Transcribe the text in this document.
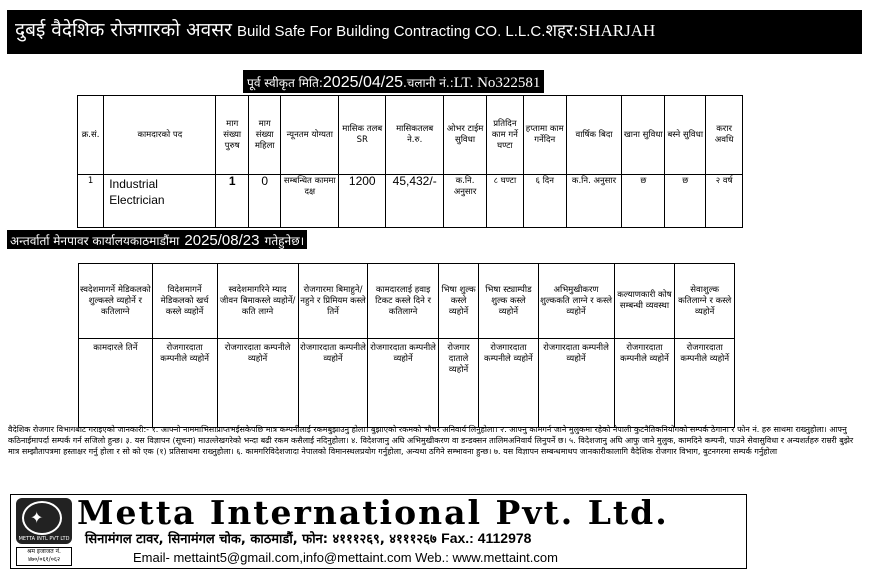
दुबई वैदेशिक रोजगारको अवसर Build Safe For Building Contracting CO. L.L.C.शहर:SHARJAH
पूर्व स्वीकृत मिति:2025/04/25.चलानी नं.:LT. No322581
क्र.सं.	कामदारको पद	माग संख्या पुरुष	माग संख्या महिला	न्यूनतम योग्यता	मासिक तलब SR	मासिकतलब ने.रु.	ओभर टाईम सुविधा	प्रतिदिन काम गर्ने घण्टा	हप्तामा काम गर्नेदिन	वार्षिक बिदा	खाना सुविधा	बस्ने सुविधा	करार अवधि
1	Industrial Electrician	1	0	सम्बन्धित काममा दक्ष	1200	45,432/-	क.नि. अनुसार	८ घण्टा	६ दिन	क.नि. अनुसार	छ	छ	२ वर्ष
अन्तर्वार्ता मेनपावर कार्यालयकाठमाडौंमा 2025/08/23 गतेहुनेछ।
स्वदेशमागर्ने मेडिकलको शुल्कस्ले व्यहोर्ने र कतिलाग्ने	विदेशमागर्ने मेडिकलको खर्च कस्ले व्यहोर्ने	स्वदेशमागरिने म्याद जीवन बिमाकस्ले व्यहोर्ने/ कति लाग्ने	रोजगारमा बिमाहुने/ नहुने र प्रिमियम कस्ले तिर्ने	कामदारलाई हवाइ टिकट कस्ले दिने र कतिलाग्ने	भिषा शुल्क कस्ले व्यहोर्ने	भिषा स्ट्याम्पीड शुल्क कस्ले व्यहोर्ने	अभिमुखीकरण शुल्ककति लाग्ने र कस्ले व्यहोर्ने	कल्याणकारी कोष सम्बन्धी व्यवस्था	सेवाशुल्क कतिलाग्ने र कस्ले व्यहोर्ने
कामदारले तिर्ने	रोजगारदाता कम्पनीले व्यहोर्ने	रोजगारदाता कम्पनीले व्यहोर्ने	रोजगारदाता कम्पनीले व्यहोर्ने	रोजगारदाता कम्पनीले व्यहोर्ने	रोजगार दाताले व्यहोर्ने	रोजगारदाता कम्पनीले व्यहोर्ने	रोजगारदाता कम्पनीले व्यहोर्ने	रोजगारदाता कम्पनीले व्यहोर्ने	रोजगारदाता कम्पनीले व्यहोर्ने
वैदेशिक रोजगार विभागबाट गराइएको जानकारी:- १. आफ्नो नाममाभिसाप्राप्तभईसकेपछि मात्र कम्पनीलाई रकमबुझाउनु होला। बुझाएको रकमको भौचर अनिवार्य लिनुहोला। २. आफ्नु कामगर्न जाने मुलुकमा रहेको नेपाली कुटनैतिकनियोगको सम्पर्क ठेगाना र फोन नं. हरु साथमा राख्नुहोला। आफ्नु कठिनाईमापर्दा सम्पर्क गर्न सजिलो हुन्छ। ३. यस विज्ञापन (सूचना) माउल्लेखगरेको भन्दा बढी रकम कसैलाई नदिनुहोला। ४. विदेशजानु अघि अभिमुखीकरण वा डन्डक्सन तालिमअनिवार्य लिनुपर्ने छ। ५. विदेशजानु अघि आफु जाने मुलुक, कामदिने कम्पनी, पाउने सेवासुविधा र अन्यशर्तहरु राम्ररी बुझेर मात्र सम्झौतापत्रमा हस्ताक्षर गर्नु होला र सो को एक (१) प्रतिसाथमा राख्नुहोला। ६. कामगरिविदेशजादा नेपालको विमानस्थलप्रयोग गर्नुहोला, अन्यथा ठगिने सम्भावना हुन्छ। ७. यस विज्ञापन सम्बन्धमाथप जानकारीकालागि वैदेशिक रोजगार विभाग, बुटनगरमा सम्पर्क गर्नुहोला
✦
METTA INTL PVT LTD
श्रम इजाजत नं.
४७०/०६१/०६२
Metta International Pvt. Ltd.
सिनामंगल टावर, सिनामंगल चोक, काठमाडौं, फोन: ४१११२६९, ४१११२६७ Fax.: 4112978
Email- mettaint5@gmail.com,info@mettaint.com Web.: www.mettaint.com
